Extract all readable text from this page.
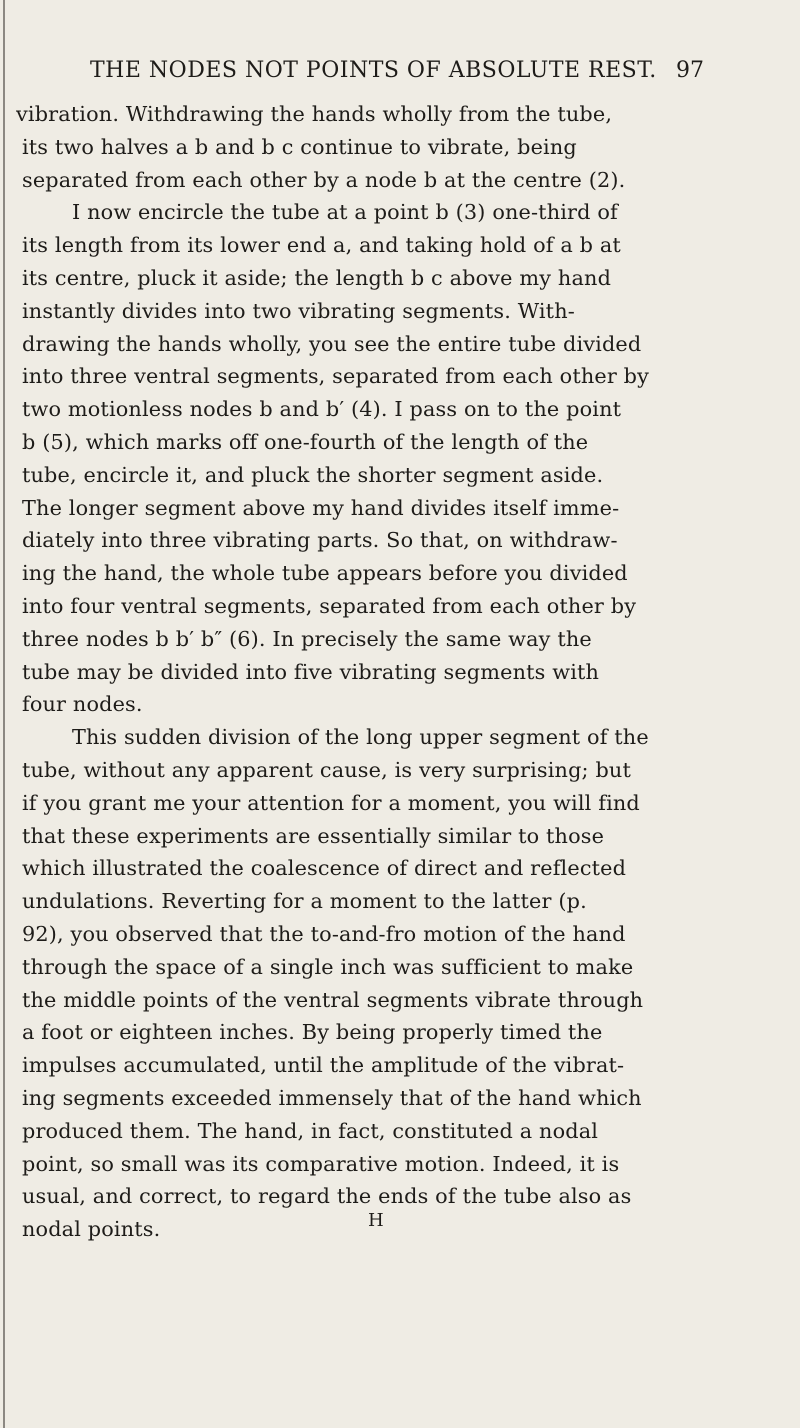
THE NODES NOT POINTS OF ABSOLUTE REST. 97
vibration. Withdrawing the hands wholly from the tube,
its two halves a b and b c continue to vibrate, being
separated from each other by a node b at the centre (2).
I now encircle the tube at a point b (3) one-third of
its length from its lower end a, and taking hold of a b at
its centre, pluck it aside; the length b c above my hand
instantly divides into two vibrating segments. With-
drawing the hands wholly, you see the entire tube divided
into three ventral segments, separated from each other by
two motionless nodes b and b′ (4). I pass on to the point
b (5), which marks off one-fourth of the length of the
tube, encircle it, and pluck the shorter segment aside.
The longer segment above my hand divides itself imme-
diately into three vibrating parts. So that, on withdraw-
ing the hand, the whole tube appears before you divided
into four ventral segments, separated from each other by
three nodes b b′ b″ (6). In precisely the same way the
tube may be divided into five vibrating segments with
four nodes.
This sudden division of the long upper segment of the
tube, without any apparent cause, is very surprising; but
if you grant me your attention for a moment, you will find
that these experiments are essentially similar to those
which illustrated the coalescence of direct and reflected
undulations. Reverting for a moment to the latter (p.
92), you observed that the to-and-fro motion of the hand
through the space of a single inch was sufficient to make
the middle points of the ventral segments vibrate through
a foot or eighteen inches. By being properly timed the
impulses accumulated, until the amplitude of the vibrat-
ing segments exceeded immensely that of the hand which
produced them. The hand, in fact, constituted a nodal
point, so small was its comparative motion. Indeed, it is
usual, and correct, to regard the ends of the tube also as
nodal points.	H
